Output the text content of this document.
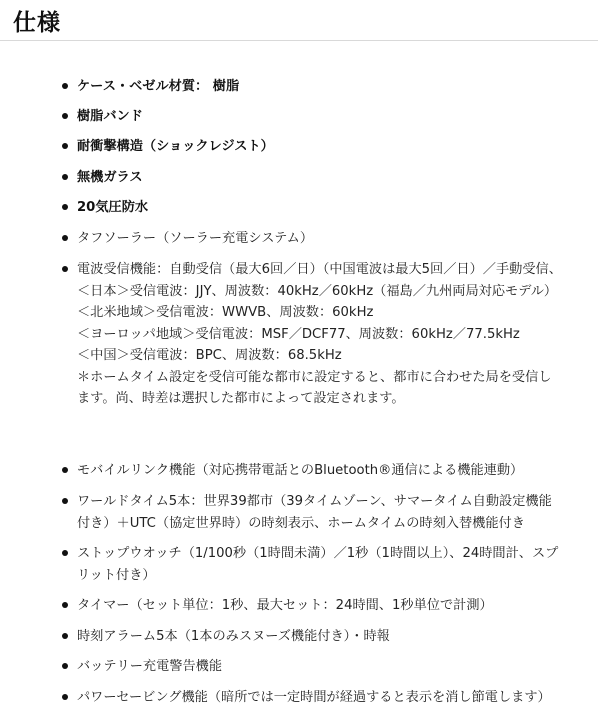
仕様
ケース・ベゼル材質： 樹脂
樹脂バンド
耐衝撃構造（ショックレジスト）
無機ガラス
20気圧防水
タフソーラー（ソーラー充電システム）
電波受信機能：自動受信（最大6回／日）（中国電波は最大5回／日）／手動受信、
＜日本＞受信電波：JJY、周波数：40kHz／60kHz（福島／九州両局対応モデル）
＜北米地域＞受信電波：WWVB、周波数：60kHz
＜ヨーロッパ地域＞受信電波：MSF／DCF77、周波数：60kHz／77.5kHz
＜中国＞受信電波：BPC、周波数：68.5kHz
＊ホームタイム設定を受信可能な都市に設定すると、都市に合わせた局を受信します。尚、時差は選択した都市によって設定されます。
モバイルリンク機能（対応携帯電話とのBluetooth®通信による機能連動）
ワールドタイム5本：世界39都市（39タイムゾーン、サマータイム自動設定機能付き）＋UTC（協定世界時）の時刻表示、ホームタイムの時刻入替機能付き
ストップウオッチ（1/100秒（1時間未満）／1秒（1時間以上）、24時間計、スプリット付き）
タイマー（セット単位：1秒、最大セット：24時間、1秒単位で計測）
時刻アラーム5本（1本のみスヌーズ機能付き）・時報
バッテリー充電警告機能
パワーセービング機能（暗所では一定時間が経過すると表示を消し節電します）
